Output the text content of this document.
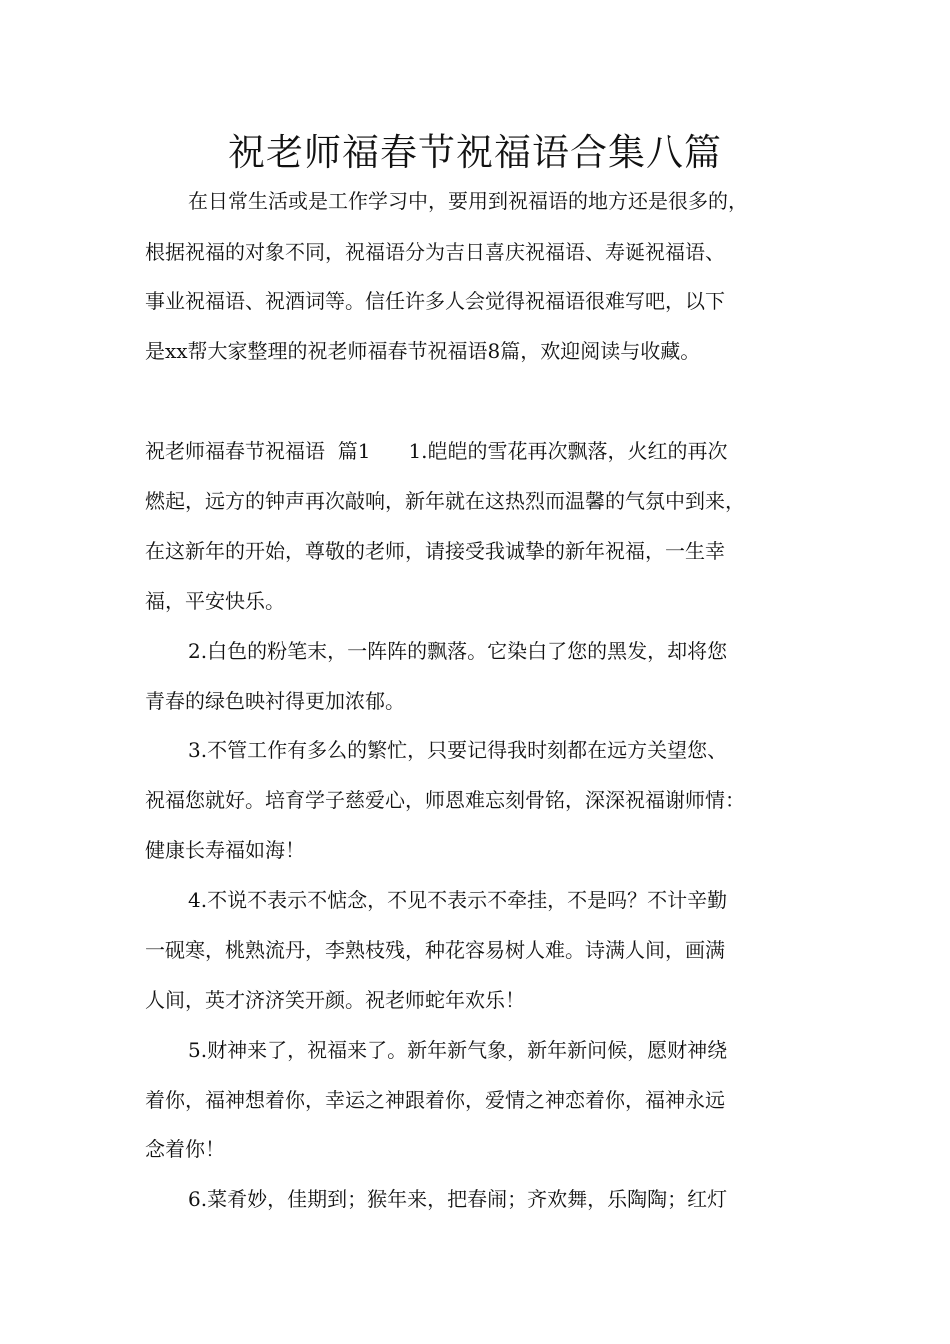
祝老师福春节祝福语合集八篇
在日常生活或是工作学习中，要用到祝福语的地方还是很多的，
根据祝福的对象不同，祝福语分为吉日喜庆祝福语、寿诞祝福语、
事业祝福语、祝酒词等。信任许多人会觉得祝福语很难写吧，以下
是xx帮大家整理的祝老师福春节祝福语8篇，欢迎阅读与收藏。
祝老师福春节祝福语  篇1 1.皑皑的雪花再次飘落，火红的再次
燃起，远方的钟声再次敲响，新年就在这热烈而温馨的气氛中到来，
在这新年的开始，尊敬的老师，请接受我诚挚的新年祝福，一生幸
福，平安快乐。
2.白色的粉笔末，一阵阵的飘落。它染白了您的黑发，却将您
青春的绿色映衬得更加浓郁。
3.不管工作有多么的繁忙，只要记得我时刻都在远方关望您、
祝福您就好。培育学子慈爱心，师恩难忘刻骨铭，深深祝福谢师情：
健康长寿福如海！
4.不说不表示不惦念，不见不表示不牵挂，不是吗？不计辛勤
一砚寒，桃熟流丹，李熟枝残，种花容易树人难。诗满人间，画满
人间，英才济济笑开颜。祝老师蛇年欢乐！
5.财神来了，祝福来了。新年新气象，新年新问候，愿财神绕
着你，福神想着你，幸运之神跟着你，爱情之神恋着你，福神永远
念着你！
6.菜肴妙，佳期到；猴年来，把春闹；齐欢舞，乐陶陶；红灯
